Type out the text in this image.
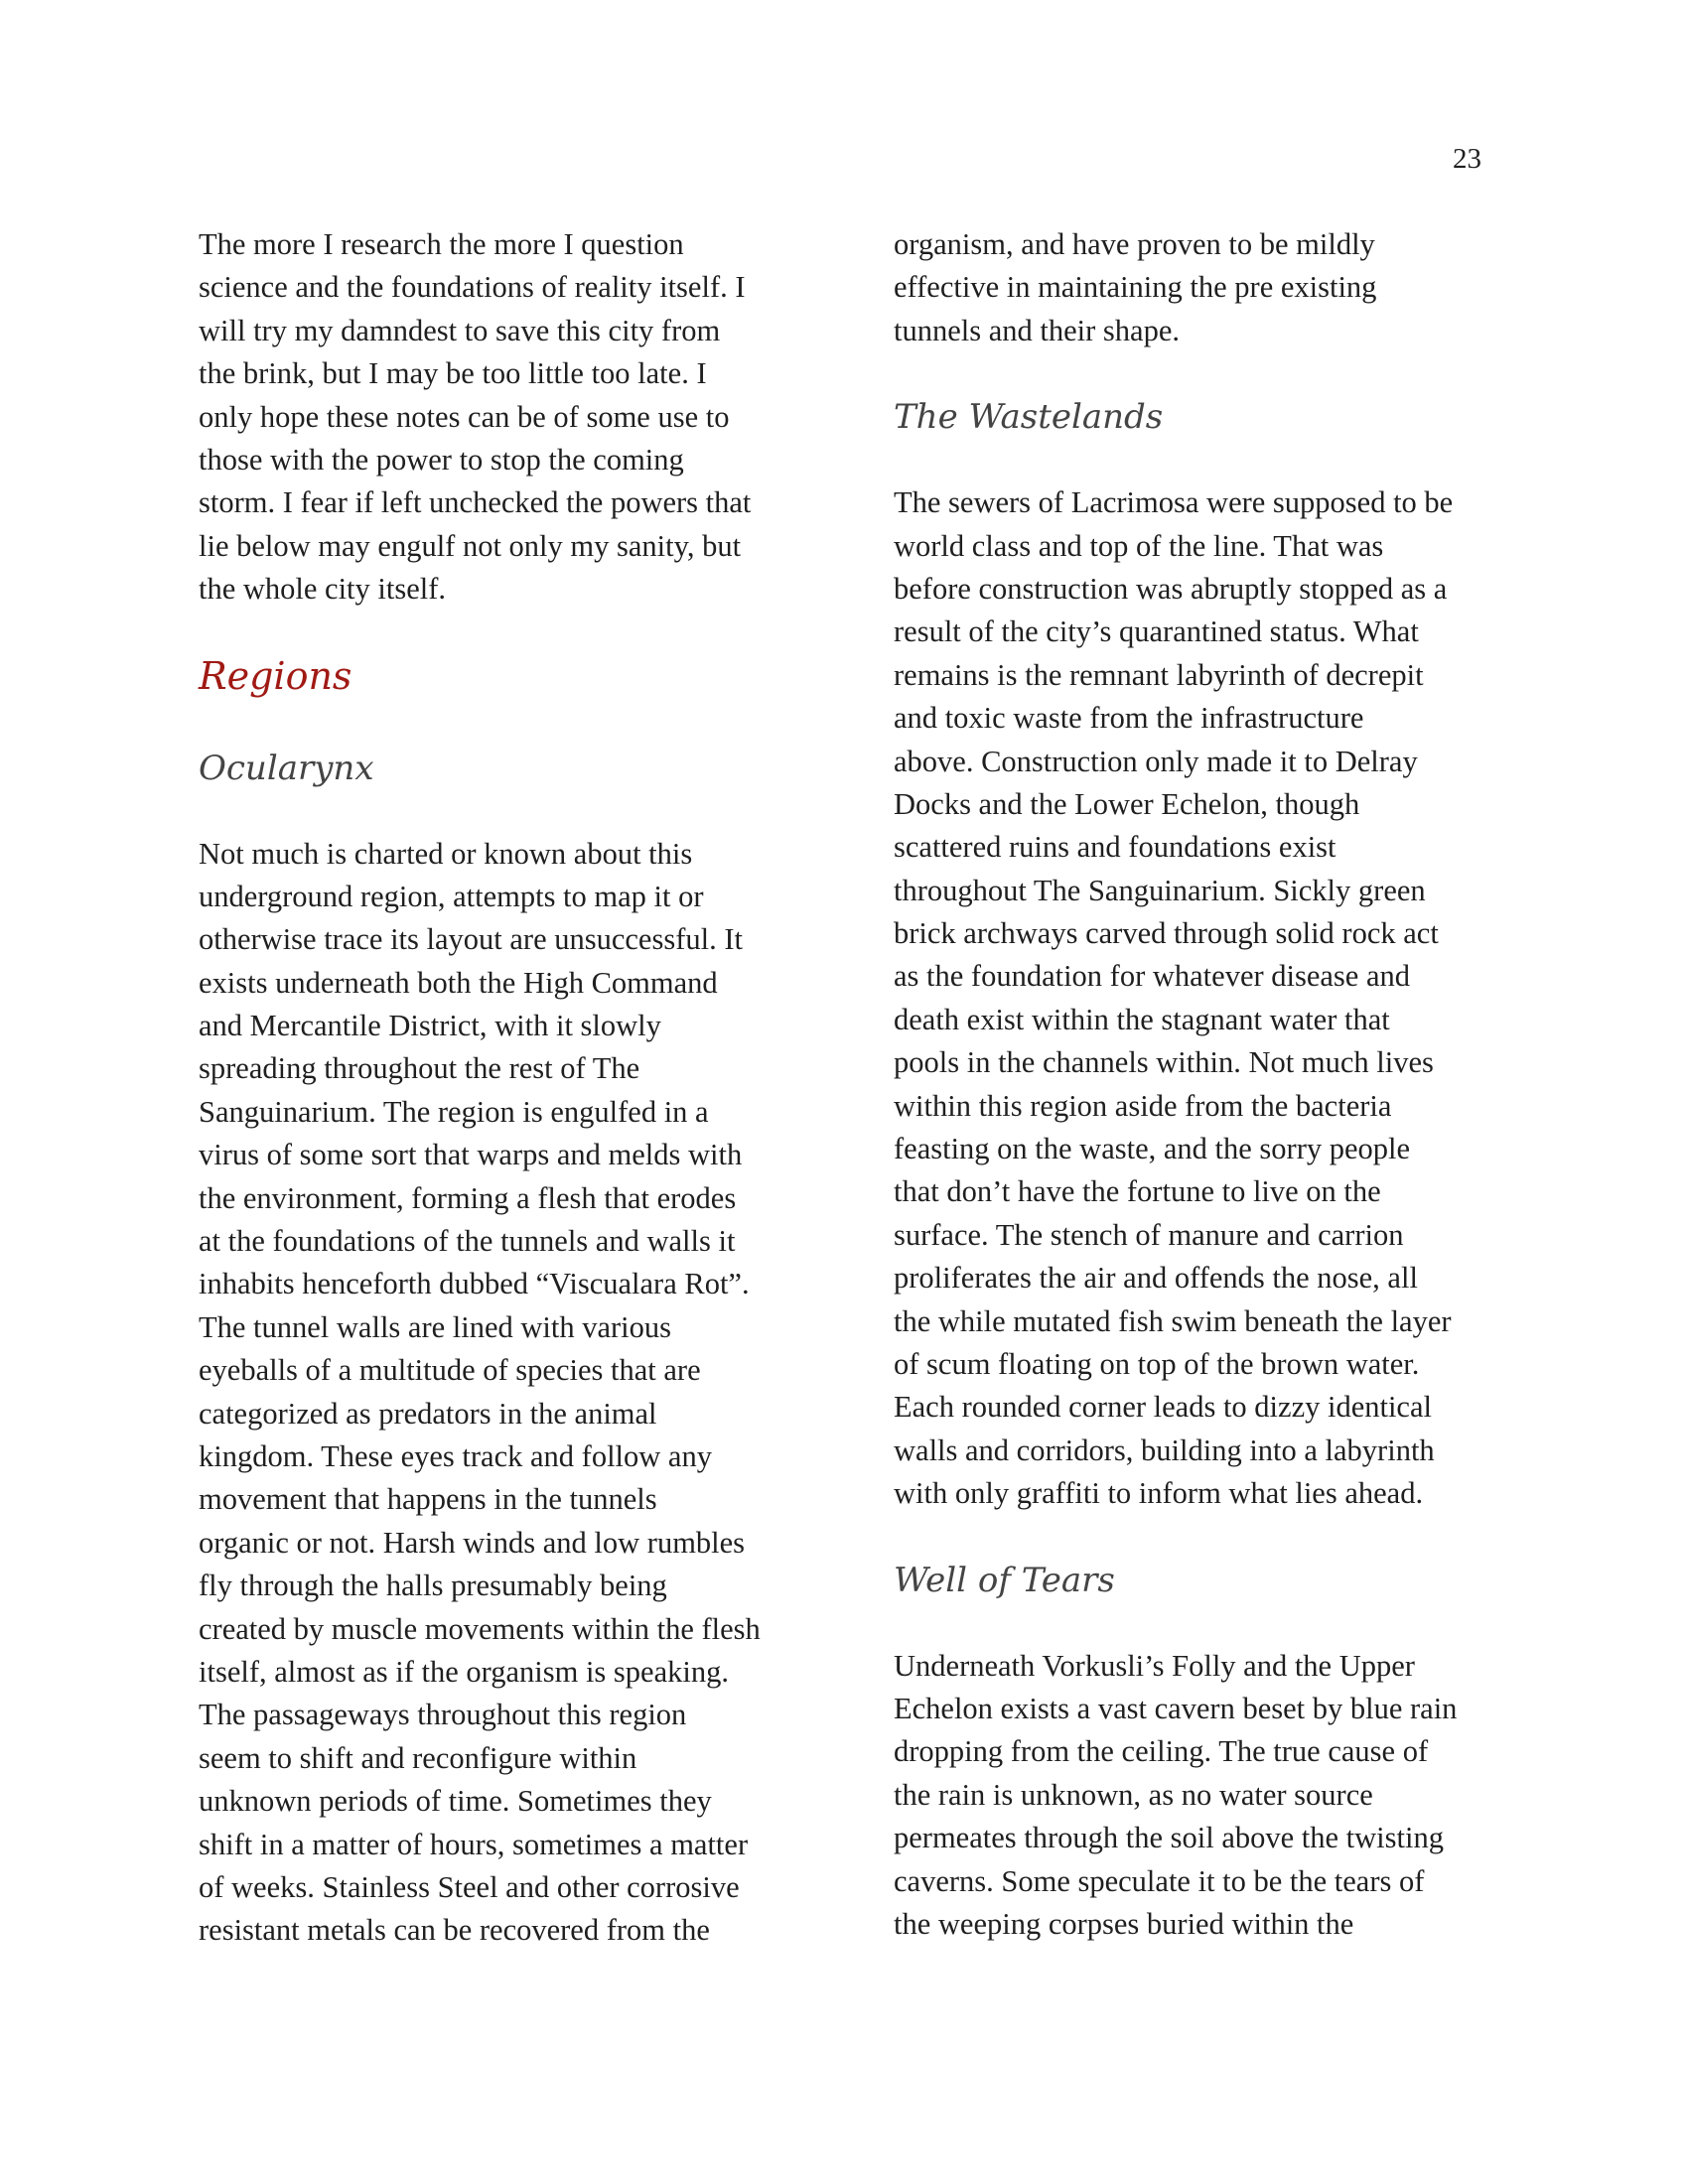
23
The more I research the more I question
science and the foundations of reality itself. I
will try my damndest to save this city from
the brink, but I may be too little too late. I
only hope these notes can be of some use to
those with the power to stop the coming
storm. I fear if left unchecked the powers that
lie below may engulf not only my sanity, but
the whole city itself.
Regions
Ocularynx
Not much is charted or known about this
underground region, attempts to map it or
otherwise trace its layout are unsuccessful. It
exists underneath both the High Command
and Mercantile District, with it slowly
spreading throughout the rest of The
Sanguinarium. The region is engulfed in a
virus of some sort that warps and melds with
the environment, forming a flesh that erodes
at the foundations of the tunnels and walls it
inhabits henceforth dubbed “Viscualara Rot”.
The tunnel walls are lined with various
eyeballs of a multitude of species that are
categorized as predators in the animal
kingdom. These eyes track and follow any
movement that happens in the tunnels
organic or not. Harsh winds and low rumbles
fly through the halls presumably being
created by muscle movements within the flesh
itself, almost as if the organism is speaking.
The passageways throughout this region
seem to shift and reconfigure within
unknown periods of time. Sometimes they
shift in a matter of hours, sometimes a matter
of weeks. Stainless Steel and other corrosive
resistant metals can be recovered from the
organism, and have proven to be mildly
effective in maintaining the pre existing
tunnels and their shape.
The Wastelands
The sewers of Lacrimosa were supposed to be
world class and top of the line. That was
before construction was abruptly stopped as a
result of the city’s quarantined status. What
remains is the remnant labyrinth of decrepit
and toxic waste from the infrastructure
above. Construction only made it to Delray
Docks and the Lower Echelon, though
scattered ruins and foundations exist
throughout The Sanguinarium. Sickly green
brick archways carved through solid rock act
as the foundation for whatever disease and
death exist within the stagnant water that
pools in the channels within. Not much lives
within this region aside from the bacteria
feasting on the waste, and the sorry people
that don’t have the fortune to live on the
surface. The stench of manure and carrion
proliferates the air and offends the nose, all
the while mutated fish swim beneath the layer
of scum floating on top of the brown water.
Each rounded corner leads to dizzy identical
walls and corridors, building into a labyrinth
with only graffiti to inform what lies ahead.
Well of Tears
Underneath Vorkusli’s Folly and the Upper
Echelon exists a vast cavern beset by blue rain
dropping from the ceiling. The true cause of
the rain is unknown, as no water source
permeates through the soil above the twisting
caverns. Some speculate it to be the tears of
the weeping corpses buried within the
